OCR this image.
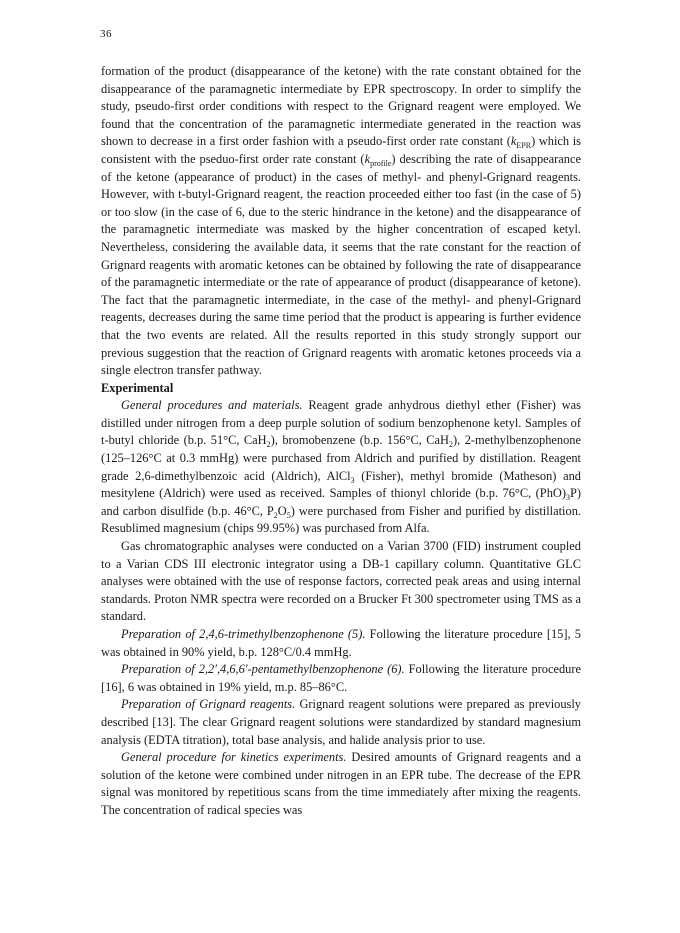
36

formation of the product (disappearance of the ketone) with the rate constant obtained for the disappearance of the paramagnetic intermediate by EPR spectroscopy. In order to simplify the study, pseudo-first order conditions with respect to the Grignard reagent were employed. We found that the concentration of the paramagnetic intermediate generated in the reaction was shown to decrease in a first order fashion with a pseudo-first order rate constant $(k_{EPR})$ which is consistent with the pseduo-first order rate constant $(k_{profile})$ describing the rate of disappearance of the ketone (appearance of product) in the cases of methyl- and phenyl-Grignard reagents. However, with t-butyl-Grignard reagent, the reaction proceeded either too fast (in the case of 5) or too slow (in the case of 6, due to the steric hindrance in the ketone) and the disappearance of the paramagnetic intermediate was masked by the higher concentration of escaped ketyl. Nevertheless, considering the available data, it seems that the rate constant for the reaction of Grignard reagents with aromatic ketones can be obtained by following the rate of disappearance of the paramagnetic intermediate or the rate of appearance of product (disappearance of ketone). The fact that the paramagnetic intermediate, in the case of the methyl- and phenyl-Grignard reagents, decreases during the same time period that the product is appearing is further evidence that the two events are related. All the results reported in this study strongly support our previous suggestion that the reaction of Grignard reagents with aromatic ketones proceeds via a single electron transfer pathway.

Experimental

General procedures and materials. Reagent grade anhydrous diethyl ether (Fisher) was distilled under nitrogen from a deep purple solution of sodium benzophenone ketyl. Samples of t-butyl chloride (b.p. 51°C, CaH$_2$), bromobenzene (b.p. 156°C, CaH$_2$), 2-methylbenzophenone (125–126°C at 0.3 mmHg) were purchased from Aldrich and purified by distillation. Reagent grade 2,6-dimethylbenzoic acid (Aldrich), AlCl$_3$ (Fisher), methyl bromide (Matheson) and mesitylene (Aldrich) were used as received. Samples of thionyl chloride (b.p. 76°C, $(PhO)_3P$) and carbon disulfide (b.p. 46°C, $P_2O_5$) were purchased from Fisher and purified by distillation. Resublimed magnesium (chips 99.95%) was purchased from Alfa.

Gas chromatographic analyses were conducted on a Varian 3700 (FID) instrument coupled to a Varian CDS III electronic integrator using a DB-1 capillary column. Quantitative GLC analyses were obtained with the use of response factors, corrected peak areas and using internal standards. Proton NMR spectra were recorded on a Brucker Ft 300 spectrometer using TMS as a standard.

Preparation of 2,4,6-trimethylbenzophenone (5). Following the literature procedure [15], 5 was obtained in 90% yield, b.p. 128°C/0.4 mmHg.

Preparation of 2,2′,4,6,6′-pentamethylbenzophenone (6). Following the literature procedure [16], 6 was obtained in 19% yield, m.p. 85–86°C.

Preparation of Grignard reagents. Grignard reagent solutions were prepared as previously described [13]. The clear Grignard reagent solutions were standardized by standard magnesium analysis (EDTA titration), total base analysis, and halide analysis prior to use.

General procedure for kinetics experiments. Desired amounts of Grignard reagents and a solution of the ketone were combined under nitrogen in an EPR tube. The decrease of the EPR signal was monitored by repetitious scans from the time immediately after mixing the reagents. The concentration of radical species was
